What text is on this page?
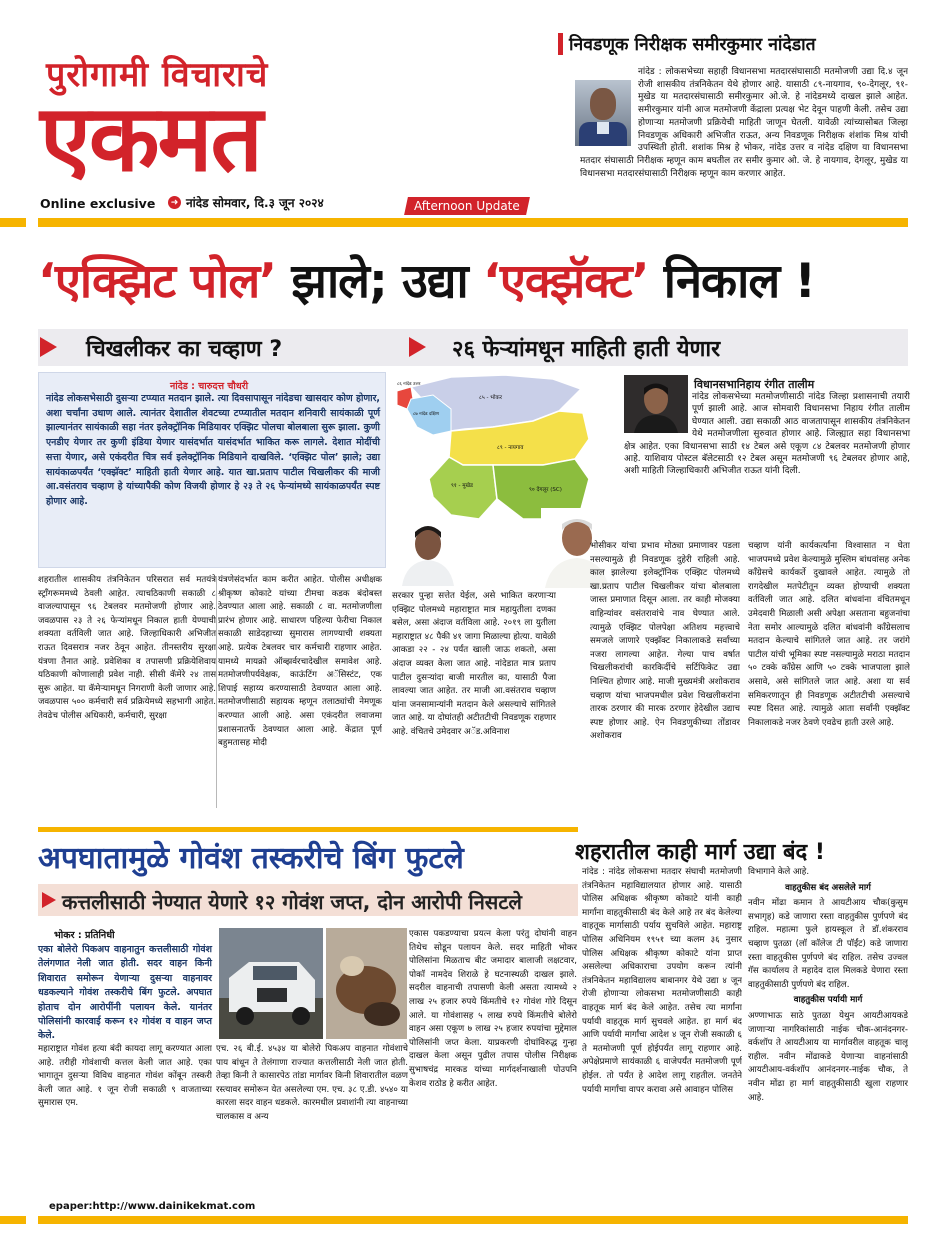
पुरोगामी विचाराचे
एकमत
Online exclusive	➜ नांदेड सोमवार, दि.३ जून २०२४	Afternoon Update
निवडणूक निरीक्षक समीरकुमार नांदेडात
नांदेड : लोकसभेच्या सहाही विधानसभा मतदारसंघासाठी मतमोजणी उद्या दि.४ जून रोजी शासकीय तंत्रनिकेतन येथे होणार आहे. यासाठी ८९-नायगाव, ९०-देगलूर, ९१-मुखेड या मतदारसंघासाठी समीरकुमार ओ.जे. हे नांदेडमध्ये दाखल झाले आहेत. समीरकुमार यांनी आज मतमोजणी केंद्राला प्रत्यक्ष भेट देवून पाहणी केली. तसेच उद्या होणाऱ्या मतमोजणी प्रक्रियेची माहिती जाणून घेतली. यावेळी त्यांच्यासोबत जिल्हा निवडणूक अधिकारी अभिजीत राऊत, अन्य निवडणूक निरीक्षक शंशांक मिश्र यांची उपस्थिती होती. शशांक मिश्र हे भोकर, नांदेड उत्तर व नांदेड दक्षिण या विधानसभा मतदार संघासाठी निरीक्षक म्हणून काम बघतील तर समीर कुमार ओ. जे. हे नायगाव, देगलूर, मुखेड या विधानसभा मतदारसंघासाठी निरीक्षक म्हणून काम करणार आहेत.
‘एक्झिट पोल’ झाले; उद्या ‘एक्झॅक्ट’ निकाल !
चिखलीकर का चव्हाण ?	२६ फेऱ्यांमधून माहिती हाती येणार
नांदेड : चारुदत्त चौधरी
नांदेड लोकसभेसाठी दुसऱ्या टप्प्यात मतदान झाले. त्या दिवसापासून नांदेडचा खासदार कोण होणार, अशा चर्चांना उधाण आले. त्यानंतर देशातील शेवटच्या टप्प्यातील मतदान शनिवारी सायंकाळी पूर्ण झाल्यानंतर सायंकाळी सहा नंतर इलेक्ट्रॉनिक मिडियावर एक्झिट पोलचा बोलबाला सुरू झाला. कुणी एनडीए येणार तर कुणी इंडिया येणार यासंदर्भात यासंदर्भात भाकित करू लागले. देशात मोदींची सत्ता येणार, असे एकंदरीत चित्र सर्व इलेक्ट्रॉनिक मिडियाने दाखविले. ‘एक्झिट पोल’ झाले; उद्या सायंकाळपर्यंत ‘एक्झॅक्ट’ माहिती हाती येणार आहे. यात खा.प्रताप पाटील चिखलीकर की माजी आ.वसंतराव चव्हाण हे यांच्यापैकी कोण विजयी होणार हे २३ ते २६ फेऱ्यांमध्ये सायंकाळपर्यंत स्पष्ट होणार आहे.
८६ नांदेड उत्तर
८७ नांदेड दक्षिण
८५ - भोकर
८९ - नायगाव
९० देगलूर (SC)
९१ - मुखेड
विधानसभानिहाय रंगीत तालीम
नांदेड लोकसभेच्या मतमोजणीसाठी नांदेड जिल्हा प्रशासनाची तयारी पूर्ण झाली आहे. आज सोमवारी विधानसभा निहाय रंगीत तालीम घेण्यात आली. उद्या सकाळी आठ वाजतापासून शासकीय तंत्रनिकेतन येथे मतमोजणीला सुरुवात होणार आहे. जिल्ह्यात सहा विधानसभा क्षेत्र आहेत. एका विधानसभा साठी १४ टेबल असे एकूण ८४ टेबलवर मतमोजणी होणार आहे. याशिवाय पोस्टल बॅलेटसाठी १२ टेबल असून मतमोजणी ९६ टेबलवर होणार आहे, अशी माहिती जिल्हाधिकारी अभिजीत राऊत यांनी दिली.
शहरातील शासकीय तंत्रनिकेतन परिसरात सर्व मतयंत्रे स्ट्रॉंगरूममध्ये ठेवली आहेत. त्याचठिकाणी सकाळी ८ वाजल्यापासून ९६ टेबलवर मतमोजणी होणार आहे. जवळपास २३ ते २६ फेऱ्यांमधून निकाल हाती येण्याची शक्यता वर्तविली जात आहे. जिल्हाधिकारी अभिजीत राऊत दिवसरात्र नजर ठेवून आहेत. तीनस्तरीय सुरक्षा यंत्रणा तैनात आहे. प्रवेशिका व तपासणी प्रक्रियेशिवाय यठिकाणी कोणालाही प्रवेश नाही. सीसी कॅमेरे २४ तास सुरू आहेत. या कॅमेऱ्यामधून निगराणी केली जाणार आहे. जवळपास ५०० कर्मचारी सर्व प्रक्रियेमध्ये सहभागी आहेत. तेवढेच पोलीस अधिकारी, कर्मचारी, सुरक्षा
यंत्रणेसंदर्भात काम करीत आहेत. पोलीस अधीक्षक श्रीकृष्ण कोकाटे यांच्या टीमचा कडक बंदोबस्त ठेवण्यात आला आहे. सकाळी ८ वा. मतमोजणीला प्रारंभ होणार आहे. साधारण पहिल्या फेरीचा निकाल सकाळी साडेदहाच्या सुमारास लागण्याची शक्यता आहे. प्रत्येक टेबलवर चार कर्मचारी राहणार आहेत. यामध्ये मायक्रो ऑब्झर्वरचादेखील समावेश आहे. मतमोजणीपर्यवेक्षक, काऊंटिंग अॅसिस्टंट, एक शिपाई सहाय्य करण्यासाठी ठेवण्यात आला आहे. मतमोजणीसाठी सहायक म्हणून तलाठ्यांची नेमणूक करण्यात आली आहे. असा एकंदरीत लवाजमा प्रशासनातर्फे ठेवण्यात आला आहे. केंद्रात पूर्ण बहुमतासह मोदी
सरकार पुन्हा सत्तेत येईल, असे भाकित करणाऱ्या एक्झिट पोलमध्ये महाराष्ट्रात मात्र महायुतीला दणका बसेल, असा अंदाज वर्तविला आहे. २०१९ ला युतीला महाराष्ट्रात ४८ पैकी ४१ जागा मिळाल्या होत्या. यावेळी आकडा २२ - २४ पर्यंत खाली जाऊ शकतो, असा अंदाज व्यक्त केला जात आहे. नांदेडात मात्र प्रताप पाटील दुसऱ्यांदा बाजी मारतील का, यासाठी पैजा लावल्या जात आहेत. तर माजी आ.वसंतराव चव्हाण यांना जनसामान्यांनी मतदान केले असल्याचे सांगितले जात आहे. या दोघांतही अटीतटीची निवडणूक राहणार आहे. वंचितचे उमेदवार अॅड.अविनाश
भोसीकर यांचा प्रभाव मोठ्या प्रमाणावर पडला नसल्यामुळे ही निवडणूक दुहेरी राहिली आहे. काल झालेल्या इलेक्ट्रॉनिक एक्झिट पोलमध्ये खा.प्रताप पाटील चिखलीकर यांचा बोलबाला जास्त प्रमाणात दिसून आला. तर काही मोजक्या वाहिन्यांवर वसंतरावांचे नाव घेण्यात आले. त्यामुळे एक्झिट पोलपेक्षा अतिशय महत्त्वाचे समजले जाणारे एक्झॅक्ट निकालाकडे सर्वांच्या नजरा लागल्या आहेत. गेल्या पाच वर्षात चिखलीकरांची कारकिर्दीचे सर्टिफिकेट उद्या निश्चित होणार आहे. माजी मुख्यमंत्री अशोकराव चव्हाण यांचा भाजपमधील प्रवेश चिखलीकरांना तारक ठरणार की मारक ठरणार हेदेखील उद्याच स्पष्ट होणार आहे. ऐन निवडणुकीच्या तोंडावर अशोकराव
चव्हाण यांनी कार्यकर्त्यांना विश्वासात न घेता भाजपमध्ये प्रवेश केल्यामुळे मुस्लिम बांधवांसह अनेक काँग्रेसचे कार्यकर्ते दुखावले आहेत. त्यामुळे तो रागदेखील मतपेटीतून व्यक्त होण्याची शक्यता वर्तविली जात आहे. दलित बांधवांना वंचितमधून उमेदवारी मिळाली असी अपेक्षा असताना बहुजनांचा नेता समोर आल्यामुळे दलित बांधवांनी काँग्रेसलाच मतदान केल्याचे सांगितले जात आहे. तर जरांगे पाटील यांची भूमिका स्पष्ट नसल्यामुळे मराठा मतदान ५० टक्के काँग्रेस आणि ५० टक्के भाजपाला झाले असावे, असे सांगितले जात आहे. अशा या सर्व समिकरणातून ही निवडणूक अटीतटीची असल्याचे स्पष्ट दिसत आहे. त्यामुळे आता सर्वांनी एक्झॅक्ट निकालाकडे नजर ठेवणे एवढेच हाती उरले आहे.
अपघातामुळे गोवंश तस्करीचे बिंग फुटले
कत्तलीसाठी नेण्यात येणारे १२ गोवंश जप्त, दोन आरोपी निसटले
भोकर : प्रतिनिधी
एका बोलेरो पिकअप वाहनातुन कत्तलीसाठी गोवंश तेलंगणात नेली जात होती. सदर वाहन किनी शिवारात समोरून येणाऱ्या दुसऱ्या वाहनावर धडकल्याने गोवंश तस्करीचे बिंग फुटले. अपघात होताच दोन आरोपींनी पलायन केले. यानंतर पोलिसांनी कारवाई करून १२ गोवंश व वाहन जप्त केले.
महाराष्ट्रात गोवंश हत्या बंदी कायदा लागू करण्यात आला आहे. तरीही गोवंशाची कत्तल केली जात आहे. एका भागातून दुसऱ्या विविध वाहनात गोवंश कोंबून तस्करी केली जात आहे. १ जून रोजी सकाळी ९ वाजताच्या सुमारास एम.
एच. २६ बी.ई. ४५३४ या बोलेरो पिकअप वाहनात गोवंशाचे पाय बांधून ते तेलंगाणा राज्यात कत्तलीसाठी नेली जात होती. तेव्हा किनी ते कासारपेठ तांडा मार्गावर किनी शिवारातील वळण रस्त्यावर समोरून येत असलेल्या एम. एच. ३८ ए.डी. ४५४० या कारला सदर वाहन धडकले. कारमधील प्रवाशांनी त्या वाहनाच्या चालकास व अन्य
एकास पकडण्याचा प्रयत्न केला परंतु दोघांनी वाहन तिथेच सोडून पलायन केले. सदर माहिती भोकर पोलिसांना मिळताच बीट जमादार बालाजी लक्षटवार, पोकॉ नामदेव शिराळे हे घटनास्थळी दाखल झाले. सदरील वाहनाची तपासणी केली असता त्यामध्ये २ लाख २५ हजार रुपये किंमतीचे १२ गोवंश गोरे दिसून आले. या गोवंशासह ५ लाख रुपये किंमतीचे बोलेरो वाहन असा एकूण ७ लाख २५ हजार रुपयांचा मुद्देमाल पोलिसांनी जप्त केला. याप्रकरणी दोघांविरुद्ध गुन्हा दाखल केला असून पुढील तपास पोलीस निरीक्षक सुभाषचंद्र मारकड यांच्या मार्गदर्शनाखाली पोउपनि केशव राठोड हे करीत आहेत.
शहरातील काही मार्ग उद्या बंद !
नांदेड : नांदेड लोकसभा मतदार संघाची मतमोजणी तंत्रनिकेतन महाविद्यालयात होणार आहे. यासाठी पोलिस अधिक्षक श्रीकृष्ण कोकाटे यांनी काही मार्गांना वाहतुकीसाठी बंद केले आहे तर बंद केलेल्या वाहतूक मार्गासाठी पर्याय सुचविले आहेत. महाराष्ट्र पोलिस अधिनियम १९५१ च्या कलम ३६ नुसार पोलिस अधिक्षक श्रीकृष्ण कोकाटे यांना प्राप्त असलेल्या अधिकाराचा उपयोग करून त्यांनी तंत्रनिकेतन महाविद्यालय बाबानगर येथे उद्या ४ जून रोजी होणाऱ्या लोकसभा मतमोजणीसाठी काही वाहतूक मार्ग बंद केले आहेत. तसेच त्या मार्गांना पर्यायी वाहतूक मार्ग सुचवले आहेत. हा मार्ग बंद आणि पर्यायी मार्गांचा आदेश ४ जून रोजी सकाळी ६ ते मतमोजणी पूर्ण होईपर्यंत लागू राहणार आहे. अपेक्षेप्रमाणे सायंकाळी ६ वाजेपर्यंत मतमोजणी पूर्ण होईल. तो पर्यंत हे आदेश लागू राहतील. जनतेने पर्यायी मार्गांचा वापर करावा असे आवाहन पोलिस
विभागाने केले आहे.
वाहतुकीस बंद असलेले मार्ग
नवीन मोंढा कमान ते आयटीआय चौक(कुसुम सभागृह) कडे जाणारा रस्ता वाहतुकीस पुर्णपणे बंद राहिल. महात्मा फुले हायस्कूल ते डॉ.शंकरराव चव्हाण पुतळा (लॉ कॉलेज टी पॉईंट) कडे जाणारा रस्ता वाहतुकीस पुर्णपणे बंद राहिल. तसेच उज्वल गॅस कार्यालय ते महादेव दाल मिलकडे येणारा रस्ता वाहतुकीसाठी पुर्णपणे बंद राहिल.
वाहतुकीस पर्यायी मार्ग
अण्णाभाऊ साठे पुतळा येथुन आयटीआयकडे जाणाऱ्या नागरिकांसाठी नाईक चौक-आनंदनगर-वर्कशॉप ते आयटीआय या मार्गावरील वाहतूक चालू राहील. नवीन मोंढाकडे येणाऱ्या वाहनांसाठी आयटीआय-वर्कशॉप आनंदनगर-नाईक चौक, ते नवीन मोंढा हा मार्ग वाहतुकीसाठी खुला राहणार आहे.
epaper:http://www.dainikekmat.com
